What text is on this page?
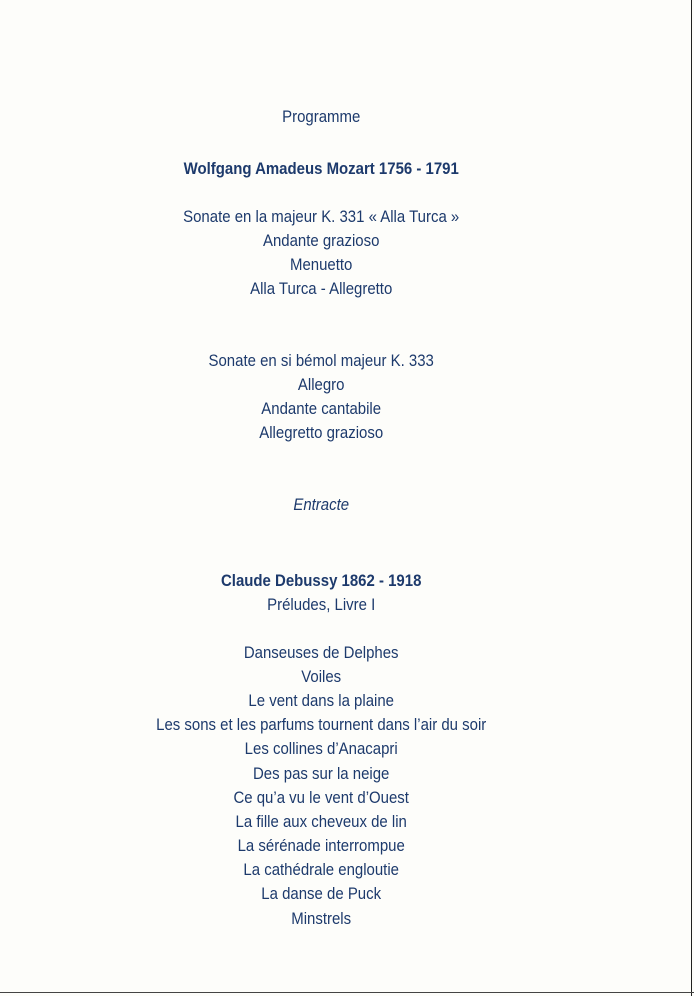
Programme
Wolfgang Amadeus Mozart 1756 - 1791
Sonate en la majeur K. 331 « Alla Turca »
Andante grazioso
Menuetto
Alla Turca - Allegretto
Sonate en si bémol majeur K. 333
Allegro
Andante cantabile
Allegretto grazioso
Entracte
Claude Debussy 1862 - 1918
Préludes, Livre I
Danseuses de Delphes
Voiles
Le vent dans la plaine
Les sons et les parfums tournent dans l’air du soir
Les collines d’Anacapri
Des pas sur la neige
Ce qu’a vu le vent d’Ouest
La fille aux cheveux de lin
La sérénade interrompue
La cathédrale engloutie
La danse de Puck
Minstrels
